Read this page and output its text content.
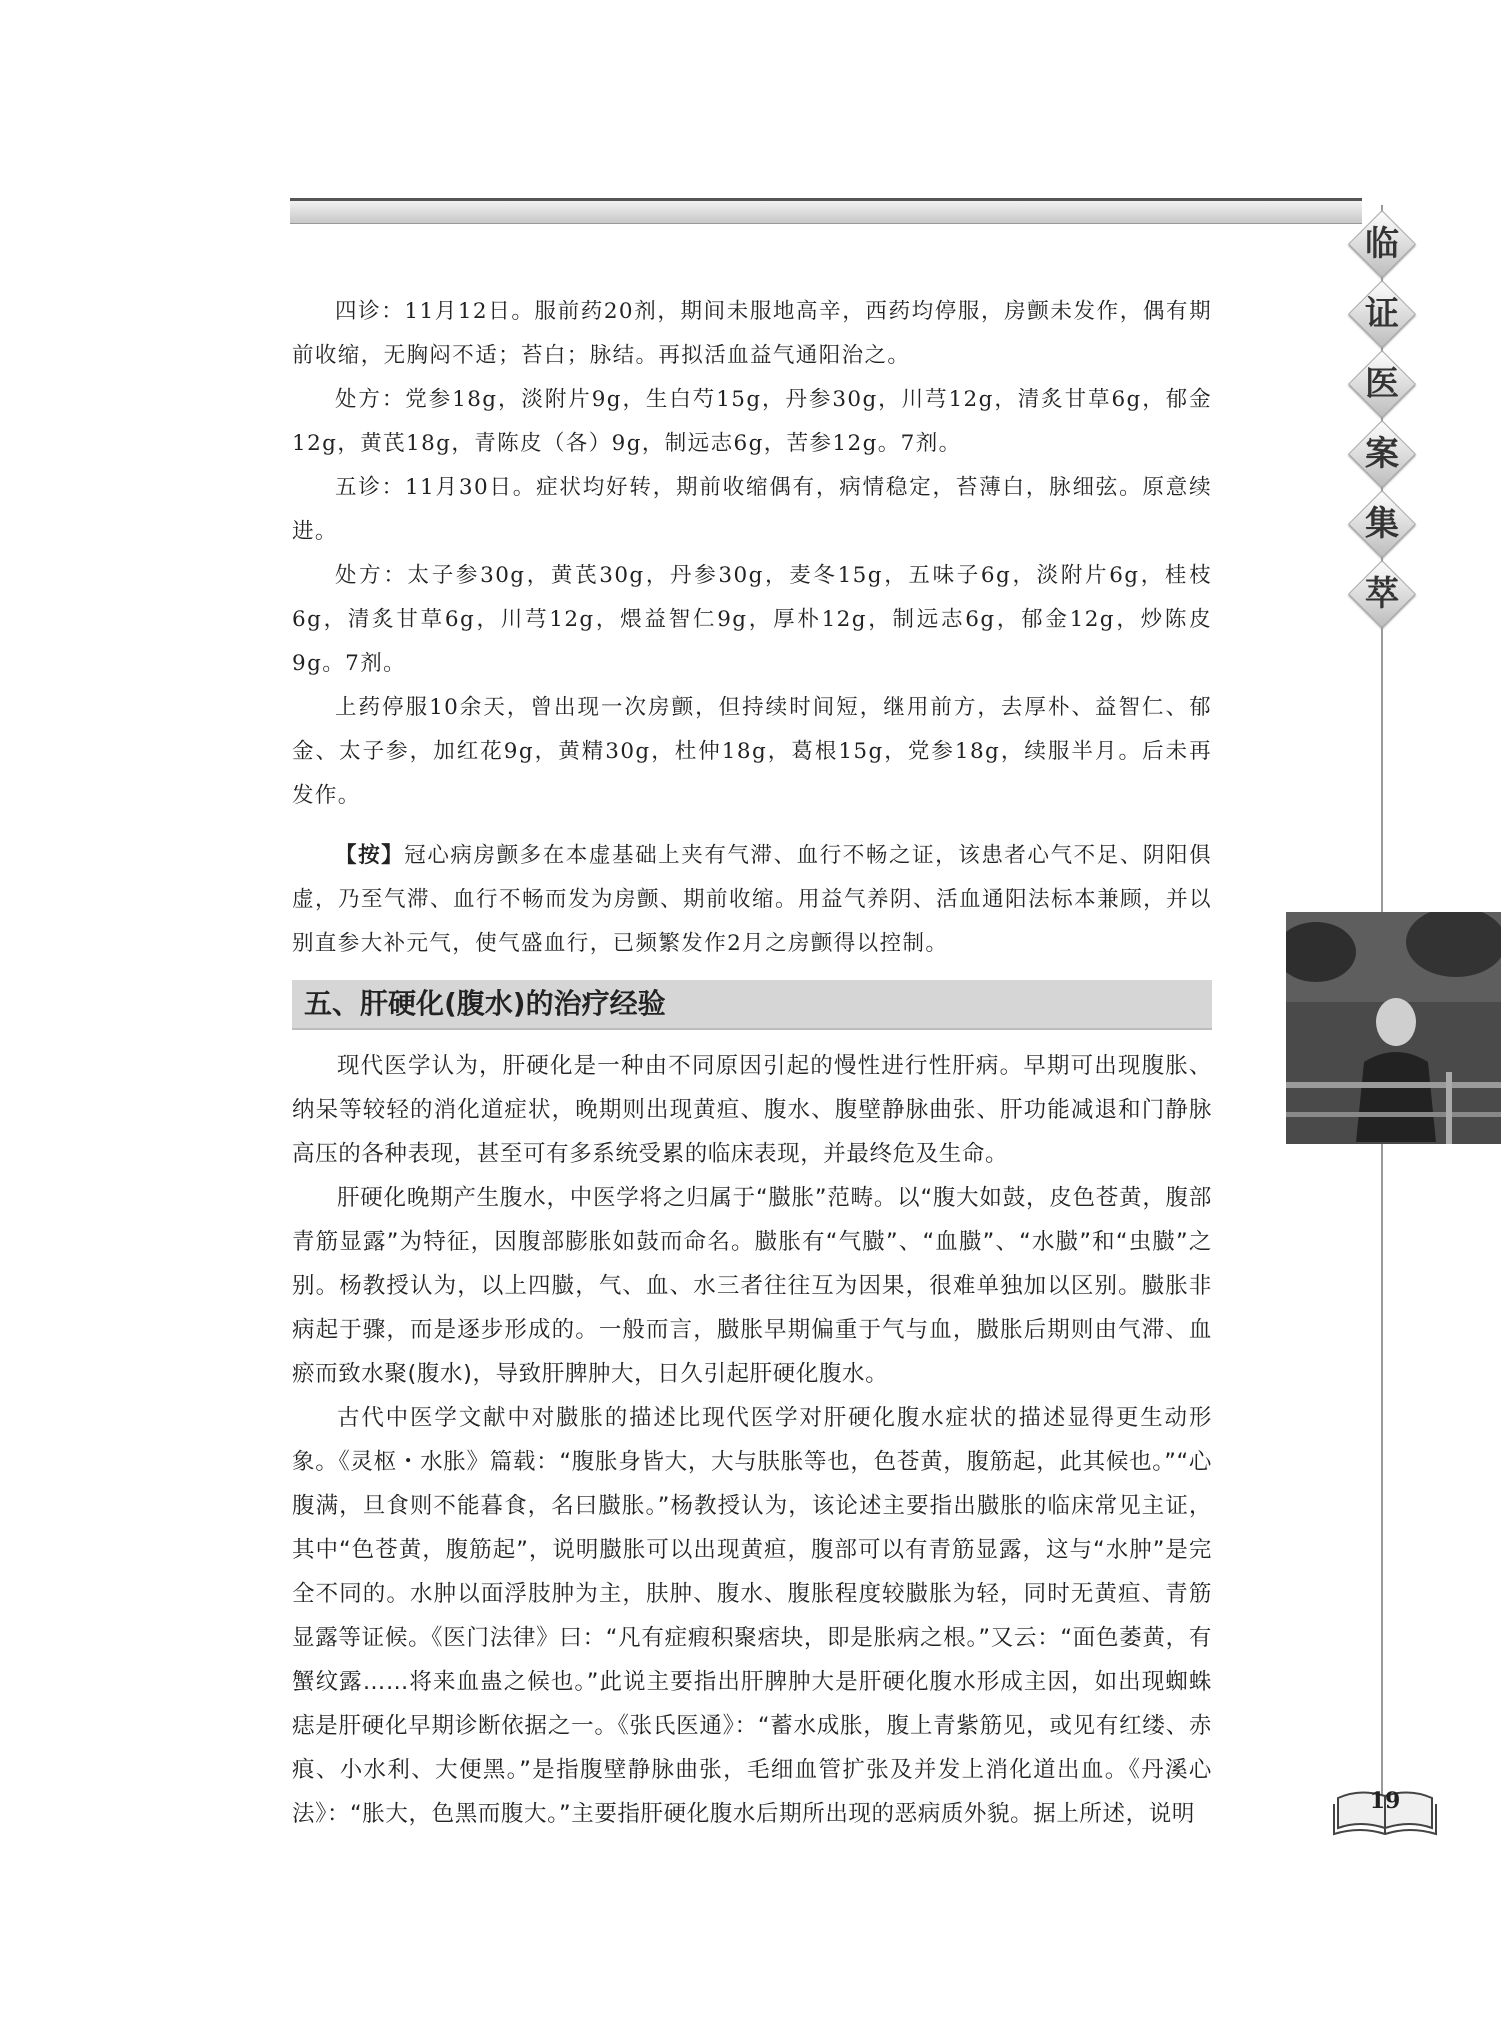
临
证
医
案
集
萃

四诊：11月12日。服前药20剂，期间未服地高辛，西药均停服，房颤未发作，偶有期前收缩，无胸闷不适；苔白；脉结。再拟活血益气通阳治之。

处方：党参18g，淡附片9g，生白芍15g，丹参30g，川芎12g，清炙甘草6g，郁金12g，黄芪18g，青陈皮（各）9g，制远志6g，苦参12g。7剂。

五诊：11月30日。症状均好转，期前收缩偶有，病情稳定，苔薄白，脉细弦。原意续进。

处方：太子参30g，黄芪30g，丹参30g，麦冬15g，五味子6g，淡附片6g，桂枝6g，清炙甘草6g，川芎12g，煨益智仁9g，厚朴12g，制远志6g，郁金12g，炒陈皮9g。7剂。

上药停服10余天，曾出现一次房颤，但持续时间短，继用前方，去厚朴、益智仁、郁金、太子参，加红花9g，黄精30g，杜仲18g，葛根15g，党参18g，续服半月。后未再发作。

【按】冠心病房颤多在本虚基础上夹有气滞、血行不畅之证，该患者心气不足、阴阳俱虚，乃至气滞、血行不畅而发为房颤、期前收缩。用益气养阴、活血通阳法标本兼顾，并以别直参大补元气，使气盛血行，已频繁发作2月之房颤得以控制。

五、肝硬化(腹水)的治疗经验

现代医学认为，肝硬化是一种由不同原因引起的慢性进行性肝病。早期可出现腹胀、纳呆等较轻的消化道症状，晚期则出现黄疸、腹水、腹壁静脉曲张、肝功能减退和门静脉高压的各种表现，甚至可有多系统受累的临床表现，并最终危及生命。

肝硬化晚期产生腹水，中医学将之归属于“臌胀”范畴。以“腹大如鼓，皮色苍黄，腹部青筋显露”为特征，因腹部膨胀如鼓而命名。臌胀有“气臌”、“血臌”、“水臌”和“虫臌”之别。杨教授认为，以上四臌，气、血、水三者往往互为因果，很难单独加以区别。臌胀非病起于骤，而是逐步形成的。一般而言，臌胀早期偏重于气与血，臌胀后期则由气滞、血瘀而致水聚(腹水)，导致肝脾肿大，日久引起肝硬化腹水。

古代中医学文献中对臌胀的描述比现代医学对肝硬化腹水症状的描述显得更生动形象。《灵枢・水胀》篇载：“腹胀身皆大，大与肤胀等也，色苍黄，腹筋起，此其候也。”“心腹满，旦食则不能暮食，名曰臌胀。”杨教授认为，该论述主要指出臌胀的临床常见主证，其中“色苍黄，腹筋起”，说明臌胀可以出现黄疸，腹部可以有青筋显露，这与“水肿”是完全不同的。水肿以面浮肢肿为主，肤肿、腹水、腹胀程度较臌胀为轻，同时无黄疸、青筋显露等证候。《医门法律》曰：“凡有症瘕积聚痞块，即是胀病之根。”又云：“面色萎黄，有蟹纹露……将来血蛊之候也。”此说主要指出肝脾肿大是肝硬化腹水形成主因，如出现蜘蛛痣是肝硬化早期诊断依据之一。《张氏医通》：“蓄水成胀，腹上青紫筋见，或见有红缕、赤痕、小水利、大便黑。”是指腹壁静脉曲张，毛细血管扩张及并发上消化道出血。《丹溪心法》：“胀大，色黑而腹大。”主要指肝硬化腹水后期所出现的恶病质外貌。据上所述，说明	19
